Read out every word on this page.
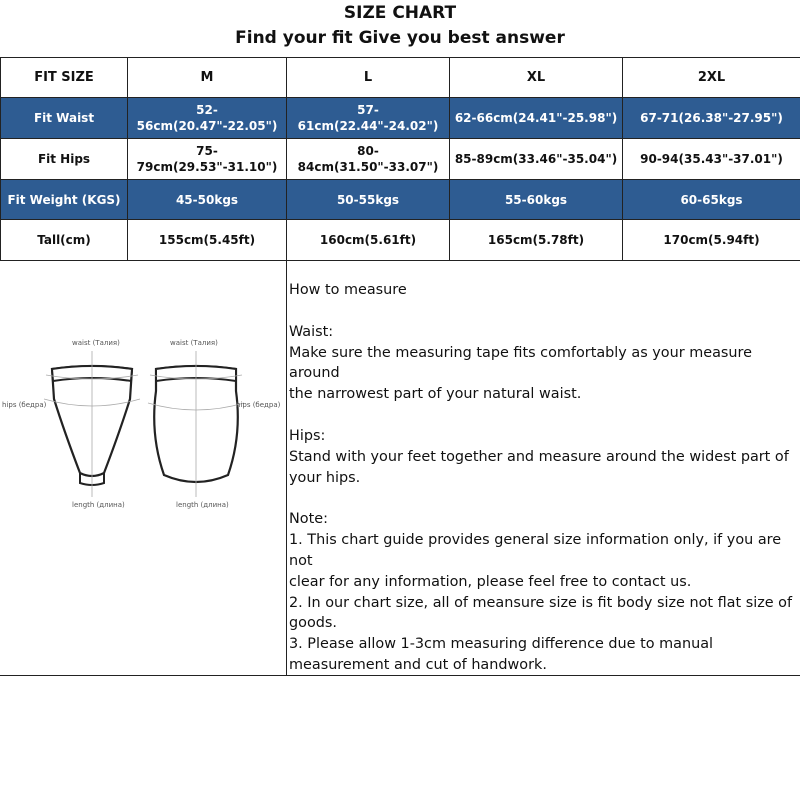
SIZE CHART
Find your fit Give you best answer
FIT SIZE	M	L	XL	2XL
Fit Waist	52-56cm(20.47"-22.05")	57-61cm(22.44"-24.02")	62-66cm(24.41"-25.98")	67-71(26.38"-27.95")
Fit Hips	75-79cm(29.53"-31.10")	80-84cm(31.50"-33.07")	85-89cm(33.46"-35.04")	90-94(35.43"-37.01")
Fit Weight (KGS)	45-50kgs	50-55kgs	55-60kgs	60-65kgs
Tall(cm)	155cm(5.45ft)	160cm(5.61ft)	165cm(5.78ft)	170cm(5.94ft)
waist (Талия)
hips (бедра)
length (длина)
waist (Талия)
hips (бедра)
length (длина)

How to measure

Waist:

Make sure the measuring tape fits comfortably as your measure around

the narrowest part of your natural waist.

Hips:

Stand with your feet together and measure around the widest part of

your hips.

Note:

1. This chart guide provides general size information only, if you are not

clear for any information, please feel free to contact us.

2. In our chart size, all of meansure size is fit body size not flat size of

goods.

3. Please allow 1-3cm measuring difference due to manual

measurement and cut of handwork.
